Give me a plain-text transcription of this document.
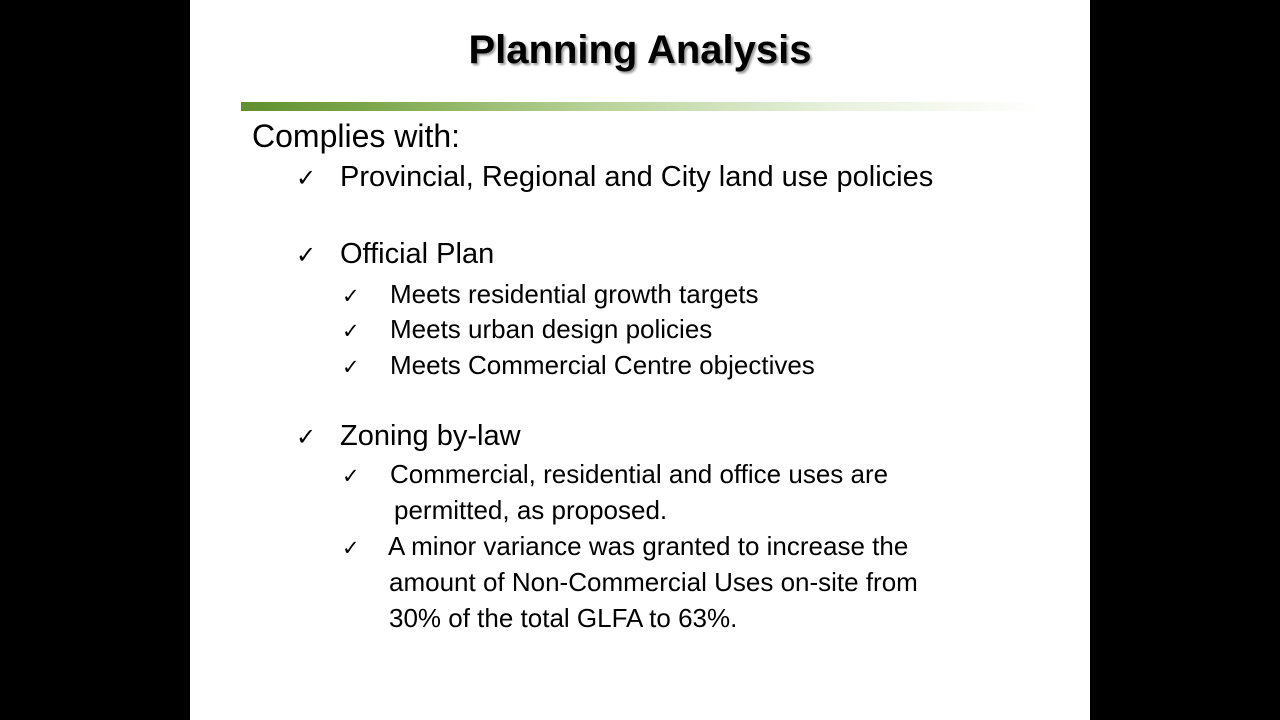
Planning Analysis
Complies with:
✓ Provincial, Regional and City land use policies
✓ Official Plan
✓ Meets residential growth targets
✓ Meets urban design policies
✓ Meets Commercial Centre objectives
✓ Zoning by-law
✓ Commercial, residential and office uses are
permitted, as proposed.
✓ A minor variance was granted to increase the
amount of Non-Commercial Uses on-site from
30% of the total GLFA to 63%.
